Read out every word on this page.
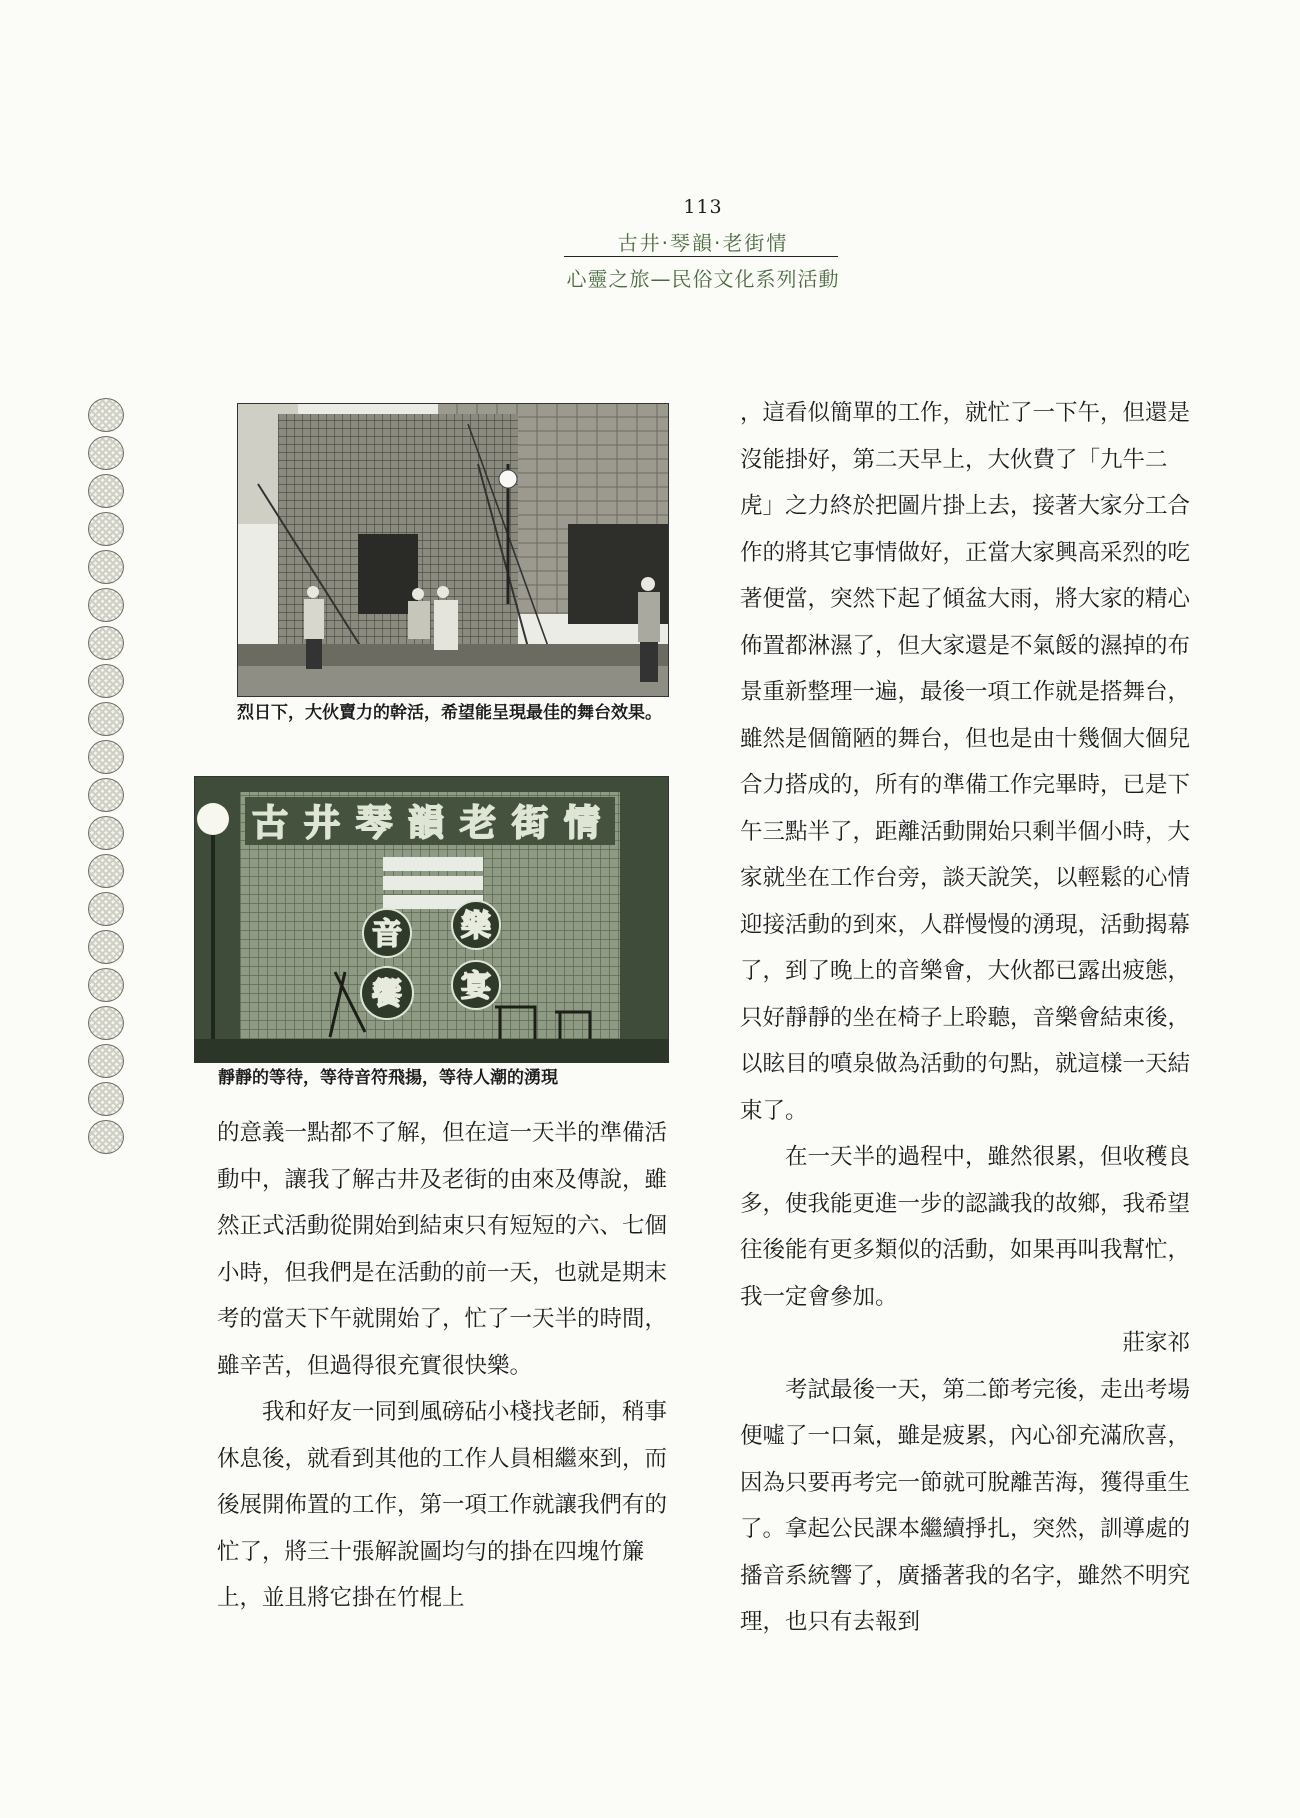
113
古井‧琴韻‧老街情
心靈之旅—民俗文化系列活動
烈日下，大伙賣力的幹活，希望能呈現最佳的舞台效果。
古 井 琴 韻 老 街 情
音 樂
饗 宴
靜靜的等待，等待音符飛揚，等待人潮的湧現

的意義一點都不了解，但在這一天半的準備活動中，讓我了解古井及老街的由來及傳說，雖然正式活動從開始到結束只有短短的六、七個小時，但我們是在活動的前一天，也就是期末考的當天下午就開始了，忙了一天半的時間，雖辛苦，但過得很充實很快樂。

我和好友一同到風磅砧小棧找老師，稍事休息後，就看到其他的工作人員相繼來到，而後展開佈置的工作，第一項工作就讓我們有的忙了，將三十張解說圖均勻的掛在四塊竹簾上，並且將它掛在竹棍上

，這看似簡單的工作，就忙了一下午，但還是沒能掛好，第二天早上，大伙費了「九牛二虎」之力終於把圖片掛上去，接著大家分工合作的將其它事情做好，正當大家興高采烈的吃著便當，突然下起了傾盆大雨，將大家的精心佈置都淋濕了，但大家還是不氣餒的濕掉的布景重新整理一遍，最後一項工作就是搭舞台，雖然是個簡陋的舞台，但也是由十幾個大個兒合力搭成的，所有的準備工作完畢時，已是下午三點半了，距離活動開始只剩半個小時，大家就坐在工作台旁，談天說笑，以輕鬆的心情迎接活動的到來，人群慢慢的湧現，活動揭幕了，到了晚上的音樂會，大伙都已露出疲態，只好靜靜的坐在椅子上聆聽，音樂會結束後，以眩目的噴泉做為活動的句點，就這樣一天結束了。

在一天半的過程中，雖然很累，但收穫良多，使我能更進一步的認識我的故鄉，我希望往後能有更多類似的活動，如果再叫我幫忙，我一定會參加。

莊家祁

考試最後一天，第二節考完後，走出考場便噓了一口氣，雖是疲累，內心卻充滿欣喜，因為只要再考完一節就可脫離苦海，獲得重生了。拿起公民課本繼續掙扎，突然，訓導處的播音系統響了，廣播著我的名字，雖然不明究理，也只有去報到
